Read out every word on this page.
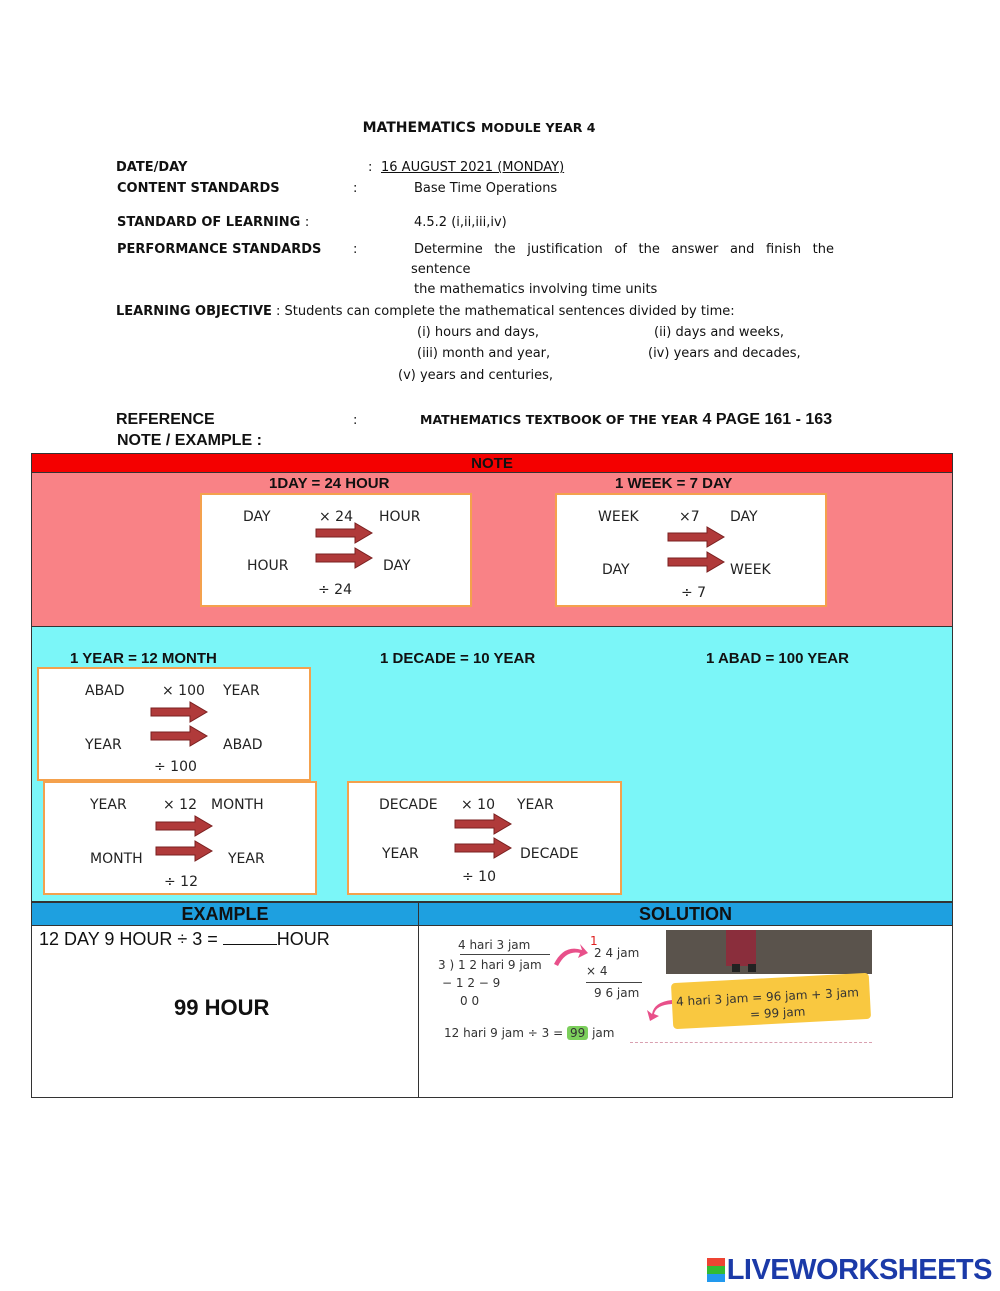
MATHEMATICS MODULE YEAR 4
DATE/DAY	: 16 AUGUST 2021 (MONDAY)
CONTENT STANDARDS	:	Base Time Operations
STANDARD OF LEARNING :	4.5.2 (i,ii,iii,iv)
PERFORMANCE STANDARDS :	Determine the justification of the answer and finish the
sentence
the mathematics involving time units
LEARNING OBJECTIVE : Students can complete the mathematical sentences divided by time:
(i) hours and days,	(ii) days and weeks,
(iii) month and year,	(iv) years and decades,
(v) years and centuries,
REFERENCE	:	MATHEMATICS TEXTBOOK OF THE YEAR 4 PAGE 161 - 163
NOTE / EXAMPLE :
NOTE
1DAY = 24 HOUR	1 WEEK = 7 DAY
DAY	× 24 HOUR
HOUR	DAY
÷ 24
WEEK	×7 DAY
DAY	WEEK
÷ 7
1 YEAR = 12 MONTH	1 DECADE = 10 YEAR	1 ABAD = 100 YEAR
ABAD	× 100 YEAR
YEAR	ABAD
÷ 100
YEAR	× 12 MONTH
MONTH	YEAR
÷ 12
DECADE × 10 YEAR
YEAR	DECADE
÷ 10
EXAMPLE	SOLUTION
12 DAY 9 HOUR ÷ 3 =	HOUR
99 HOUR
4 hari 3 jam
3 ) 1 2 hari 9 jam
− 1 2 − 9
0 0
1
2 4 jam
× 4
9 6 jam	4 hari 3 jam = 96 jam + 3 jam
= 99 jam
12 hari 9 jam ÷ 3 = 99 jam
LIVEWORKSHEETS
